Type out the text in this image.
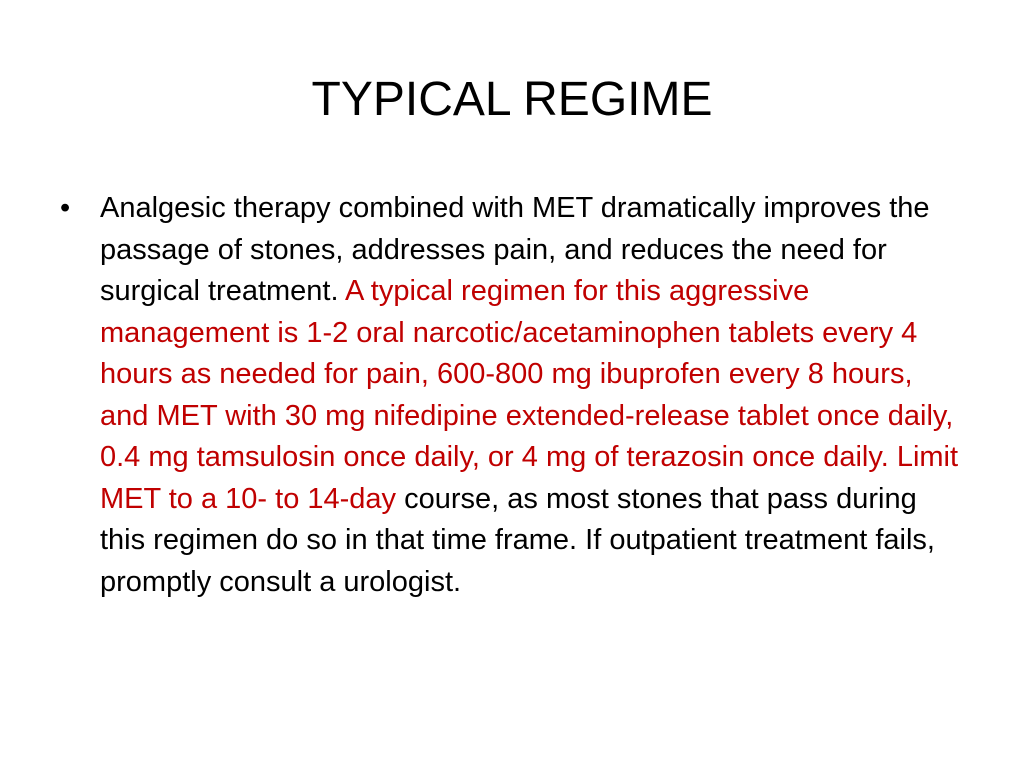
TYPICAL REGIME
• Analgesic therapy combined with MET dramatically improves the passage of stones, addresses pain, and reduces the need for surgical treatment. A typical regimen for this aggressive management is 1-2 oral narcotic/acetaminophen tablets every 4 hours as needed for pain, 600-800 mg ibuprofen every 8 hours, and MET with 30 mg nifedipine extended-release tablet once daily, 0.4 mg tamsulosin once daily, or 4 mg of terazosin once daily. Limit MET to a 10- to 14-day course, as most stones that pass during this regimen do so in that time frame. If outpatient treatment fails, promptly consult a urologist.
